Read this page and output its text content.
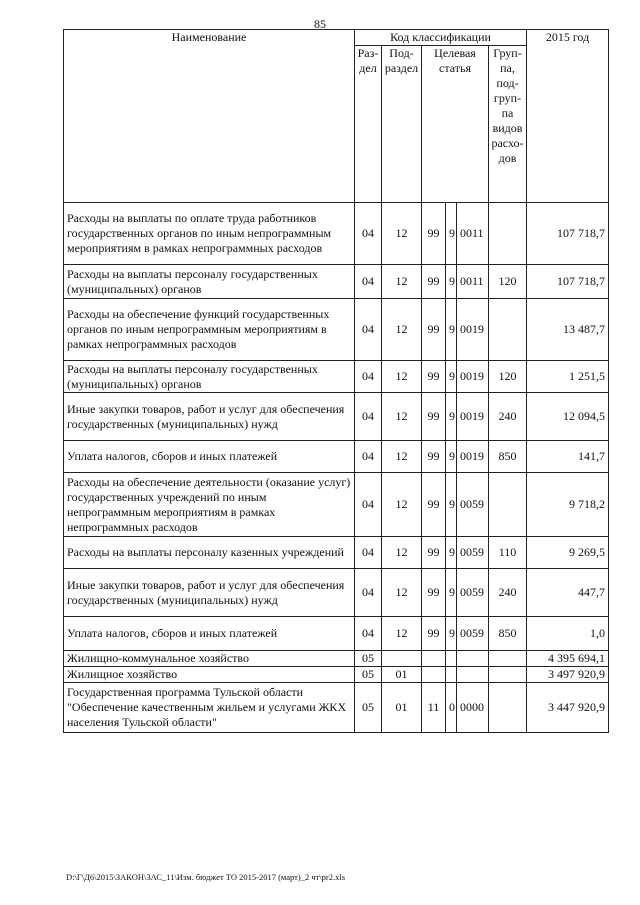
85
Наименование	Код классификации						2015 год
	Раз- дел	Под- раздел	Целевая статья			Груп- па, под- груп- па видов расхо- дов	
Расходы на выплаты по оплате труда работников государственных органов по иным непрограммным мероприятиям в рамках непрограммных расходов	04	12	99	9	0011		107 718,7
Расходы на выплаты персоналу государственных (муниципальных) органов	04	12	99	9	0011	120	107 718,7
Расходы на обеспечение функций государственных органов по иным непрограммным мероприятиям в рамках непрограммных расходов	04	12	99	9	0019		13 487,7
Расходы на выплаты персоналу государственных (муниципальных) органов	04	12	99	9	0019	120	1 251,5
Иные закупки товаров, работ и услуг для обеспечения государственных (муниципальных) нужд	04	12	99	9	0019	240	12 094,5
Уплата налогов, сборов и иных платежей	04	12	99	9	0019	850	141,7
Расходы на обеспечение деятельности (оказание услуг) государственных учреждений по иным непрограммным мероприятиям в рамках непрограммных расходов	04	12	99	9	0059		9 718,2
Расходы на выплаты персоналу казенных учреждений	04	12	99	9	0059	110	9 269,5
Иные закупки товаров, работ и услуг для обеспечения государственных (муниципальных) нужд	04	12	99	9	0059	240	447,7
Уплата налогов, сборов и иных платежей	04	12	99	9	0059	850	1,0
Жилищно-коммунальное хозяйство	05						4 395 694,1
Жилищное хозяйство	05	01					3 497 920,9
Государственная программа Тульской области "Обеспечение качественным жильем и услугами ЖКХ населения Тульской области"	05	01	11	0	0000		3 447 920,9
D:\Г\Д6\2015\ЗАКОН\ЗАС_11\Изм. бюджет ТО 2015-2017 (март)_2 чт\pr2.xls
